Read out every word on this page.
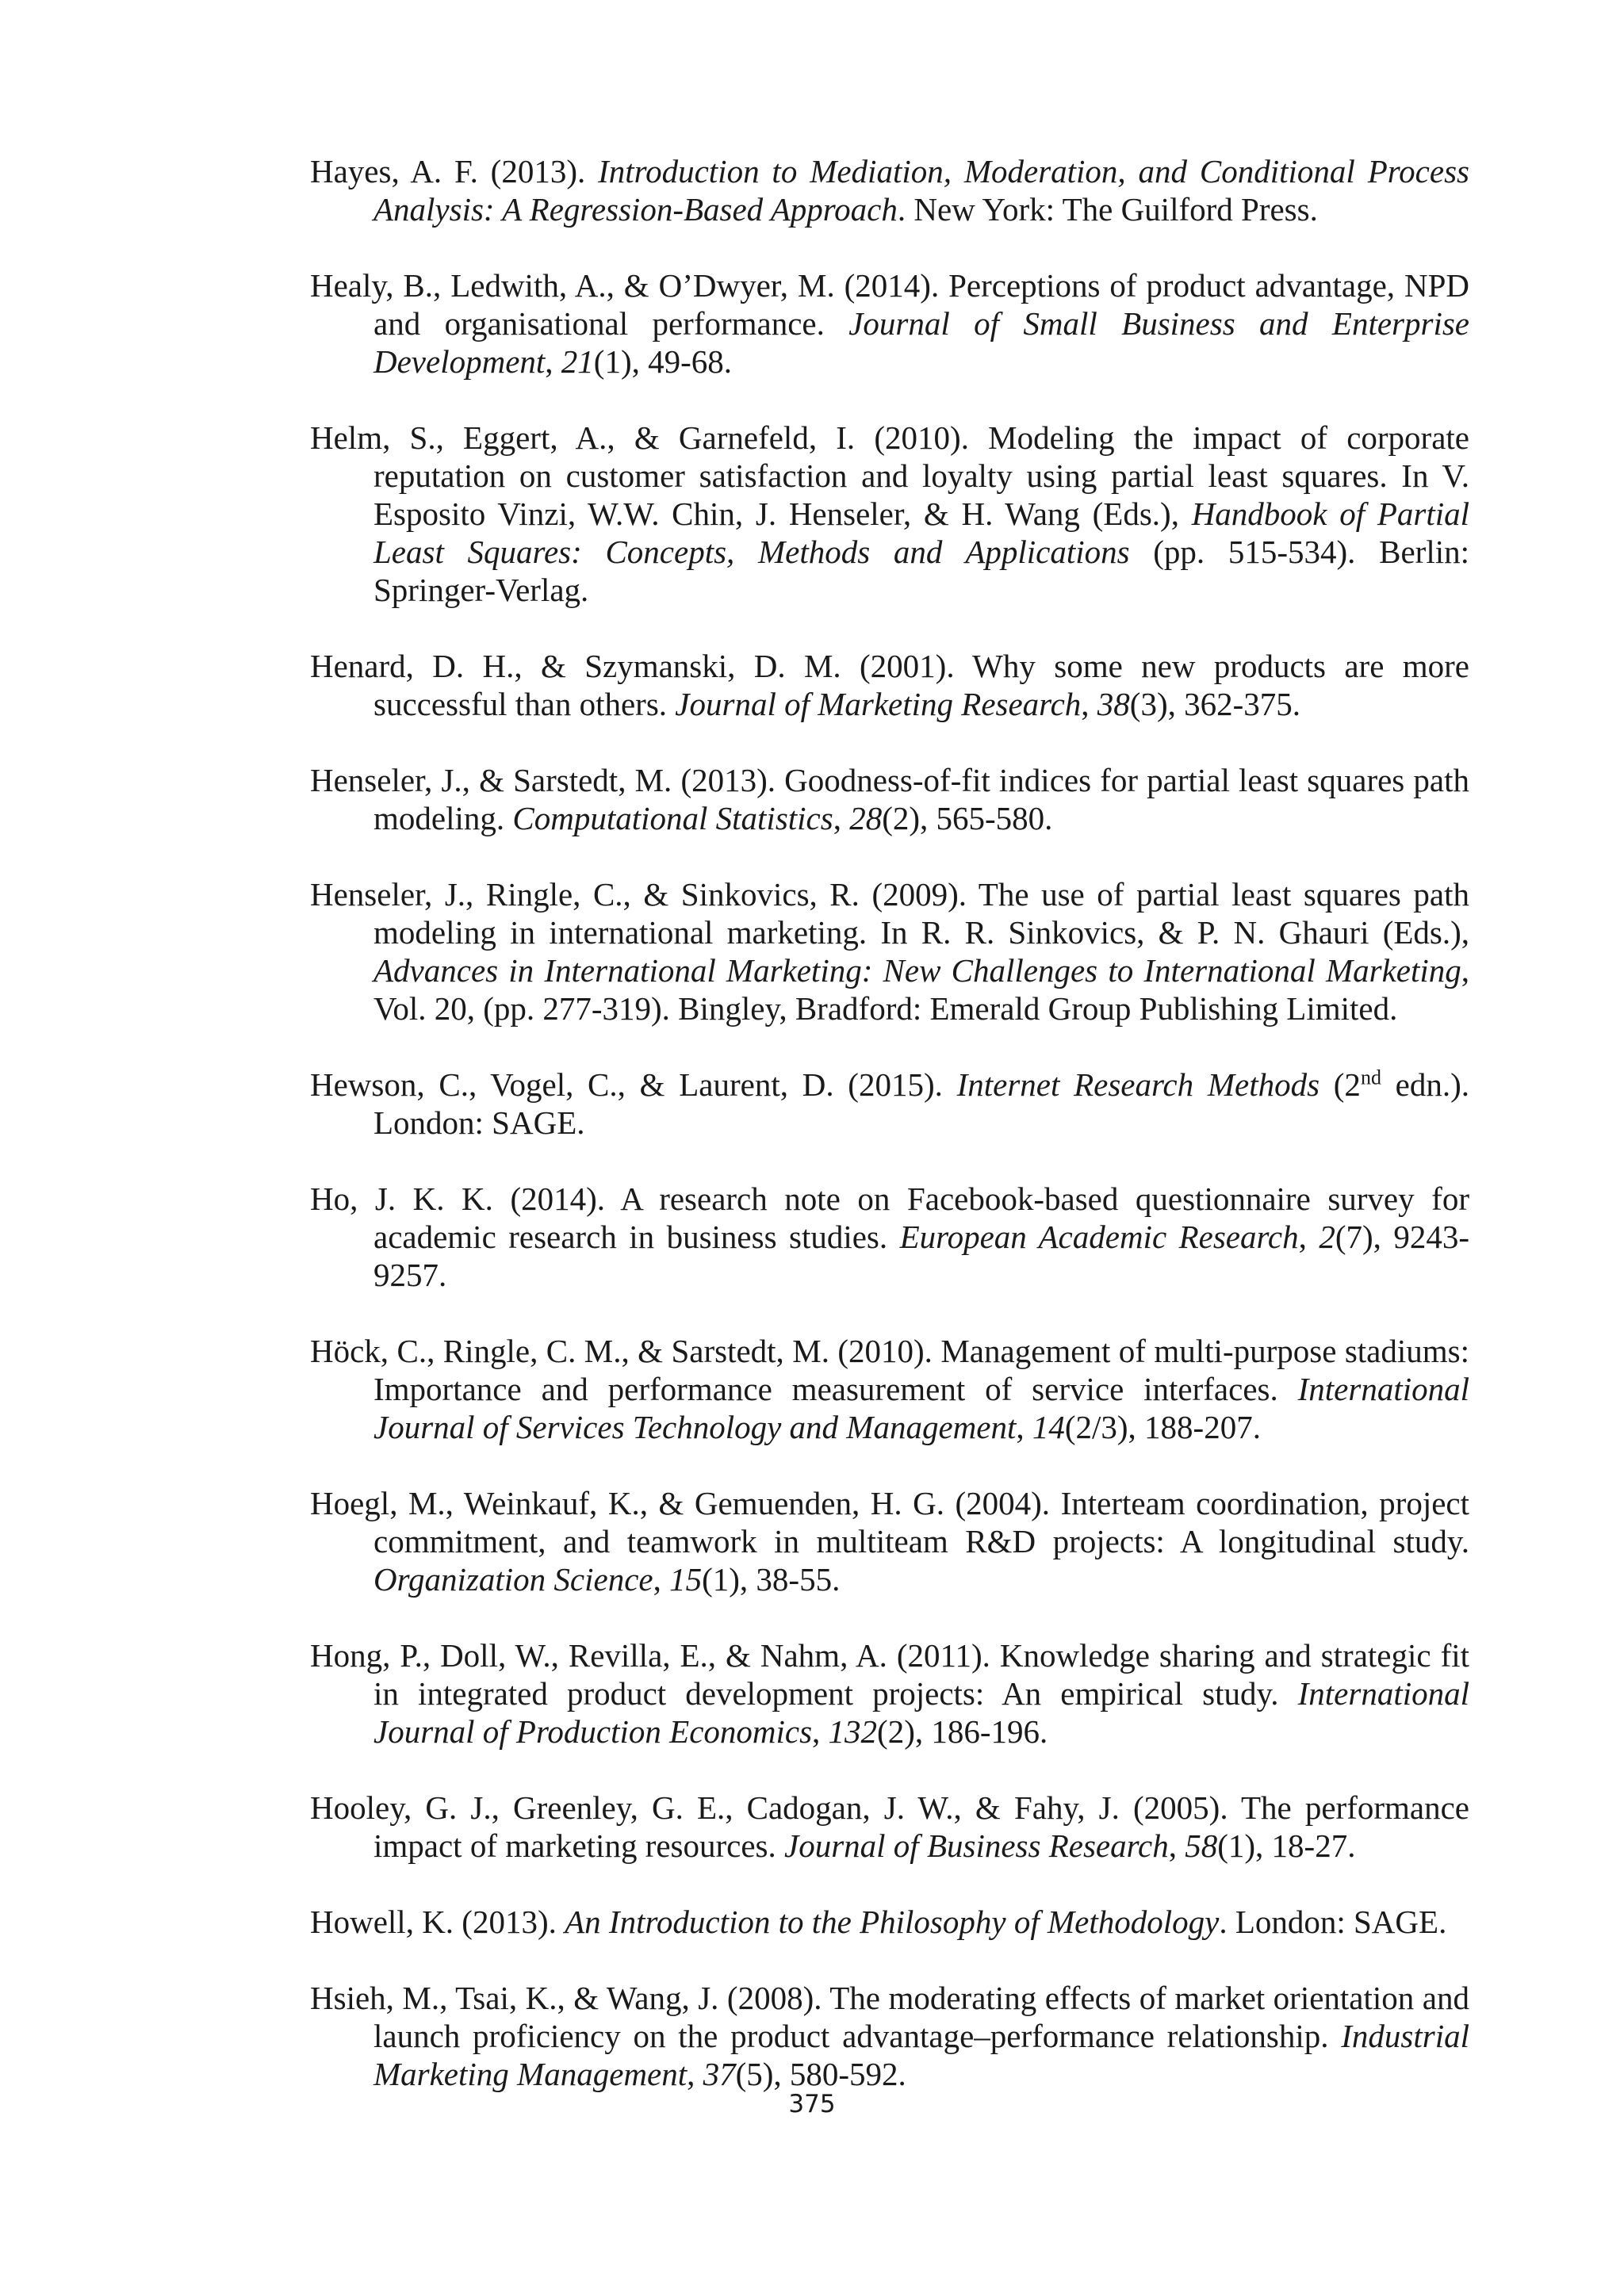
Hayes, A. F. (2013). Introduction to Mediation, Moderation, and Conditional Process Analysis: A Regression-Based Approach. New York: The Guilford Press.

Healy, B., Ledwith, A., & O’Dwyer, M. (2014). Perceptions of product advantage, NPD and organisational performance. Journal of Small Business and Enterprise Development, 21(1), 49-68.

Helm, S., Eggert, A., & Garnefeld, I. (2010). Modeling the impact of corporate reputation on customer satisfaction and loyalty using partial least squares. In V. Esposito Vinzi, W.W. Chin, J. Henseler, & H. Wang (Eds.), Handbook of Partial Least Squares: Concepts, Methods and Applications (pp. 515-534). Berlin: Springer-Verlag.

Henard, D. H., & Szymanski, D. M. (2001). Why some new products are more successful than others. Journal of Marketing Research, 38(3), 362-375.

Henseler, J., & Sarstedt, M. (2013). Goodness-of-fit indices for partial least squares path modeling. Computational Statistics, 28(2), 565-580.

Henseler, J., Ringle, C., & Sinkovics, R. (2009). The use of partial least squares path modeling in international marketing. In R. R. Sinkovics, & P. N. Ghauri (Eds.), Advances in International Marketing: New Challenges to International Marketing, Vol. 20, (pp. 277-319). Bingley, Bradford: Emerald Group Publishing Limited.

Hewson, C., Vogel, C., & Laurent, D. (2015). Internet Research Methods (2nd edn.). London: SAGE.

Ho, J. K. K. (2014). A research note on Facebook-based questionnaire survey for academic research in business studies. European Academic Research, 2(7), 9243-9257.

Höck, C., Ringle, C. M., & Sarstedt, M. (2010). Management of multi-purpose stadiums: Importance and performance measurement of service interfaces. International Journal of Services Technology and Management, 14(2/3), 188-207.

Hoegl, M., Weinkauf, K., & Gemuenden, H. G. (2004). Interteam coordination, project commitment, and teamwork in multiteam R&D projects: A longitudinal study. Organization Science, 15(1), 38-55.

Hong, P., Doll, W., Revilla, E., & Nahm, A. (2011). Knowledge sharing and strategic fit in integrated product development projects: An empirical study. International Journal of Production Economics, 132(2), 186-196.

Hooley, G. J., Greenley, G. E., Cadogan, J. W., & Fahy, J. (2005). The performance impact of marketing resources. Journal of Business Research, 58(1), 18-27.

Howell, K. (2013). An Introduction to the Philosophy of Methodology. London: SAGE.

Hsieh, M., Tsai, K., & Wang, J. (2008). The moderating effects of market orientation and launch proficiency on the product advantage–performance relationship. Industrial Marketing Management, 37(5), 580-592.

375
